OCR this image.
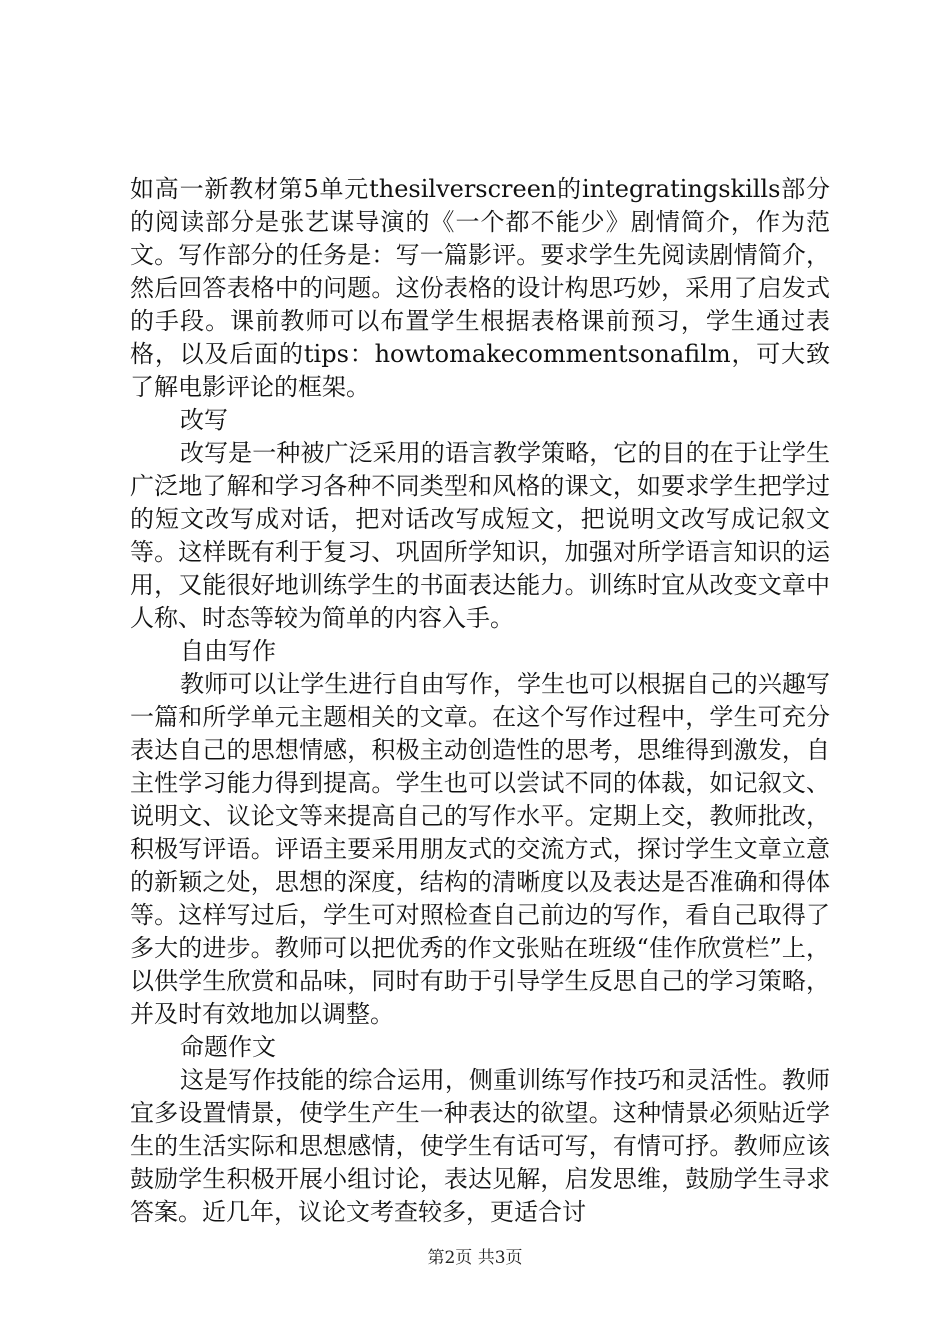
如高一新教材第5单元thesilverscreen的integratingskills部分的阅读部分是张艺谋导演的《一个都不能少》剧情简介，作为范文。写作部分的任务是：写一篇影评。要求学生先阅读剧情简介，然后回答表格中的问题。这份表格的设计构思巧妙，采用了启发式的手段。课前教师可以布置学生根据表格课前预习，学生通过表格，以及后面的tips：howtomakecommentsonafilm，可大致了解电影评论的框架。

改写

改写是一种被广泛采用的语言教学策略，它的目的在于让学生广泛地了解和学习各种不同类型和风格的课文，如要求学生把学过的短文改写成对话，把对话改写成短文，把说明文改写成记叙文等。这样既有利于复习、巩固所学知识，加强对所学语言知识的运用，又能很好地训练学生的书面表达能力。训练时宜从改变文章中人称、时态等较为简单的内容入手。

自由写作

教师可以让学生进行自由写作，学生也可以根据自己的兴趣写一篇和所学单元主题相关的文章。在这个写作过程中，学生可充分表达自己的思想情感，积极主动创造性的思考，思维得到激发，自主性学习能力得到提高。学生也可以尝试不同的体裁，如记叙文、说明文、议论文等来提高自己的写作水平。定期上交，教师批改，积极写评语。评语主要采用朋友式的交流方式，探讨学生文章立意的新颖之处，思想的深度，结构的清晰度以及表达是否准确和得体等。这样写过后，学生可对照检查自己前边的写作，看自己取得了多大的进步。教师可以把优秀的作文张贴在班级“佳作欣赏栏”上，以供学生欣赏和品味，同时有助于引导学生反思自己的学习策略，并及时有效地加以调整。

命题作文

这是写作技能的综合运用，侧重训练写作技巧和灵活性。教师宜多设置情景，使学生产生一种表达的欲望。这种情景必须贴近学生的生活实际和思想感情，使学生有话可写，有情可抒。教师应该鼓励学生积极开展小组讨论，表达见解，启发思维，鼓励学生寻求答案。近几年，议论文考查较多，更适合讨

第2页 共3页
